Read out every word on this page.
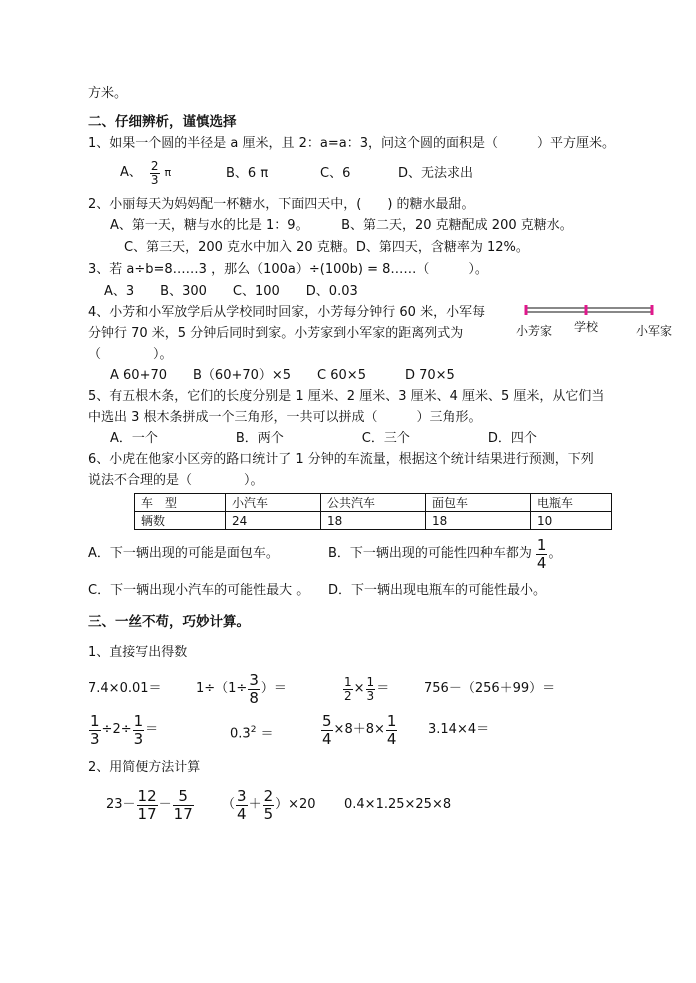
方米。
二、仔细辨析，谨慎选择
1、如果一个圆的半径是 a 厘米，且 2：a=a：3，问这个圆的面积是（　　　）平方厘米。
A、 $\frac{2}{3}$ π	B、6 π	C、6	D、无法求出
2、小丽每天为妈妈配一杯糖水，下面四天中，(　　) 的糖水最甜。
A、第一天，糖与水的比是 1：9。　　　B、第二天，20 克糖配成 200 克糖水。
C、第三天，200 克水中加入 20 克糖。D、第四天，含糖率为 12%。
3、若 a÷b=8……3 ，那么（100a）÷(100b) = 8……（　　　）。
A、3　　B、300　　C、100　　D、0.03
4、小芳和小军放学后从学校同时回家，小芳每分钟行 60 米，小军每
分钟行 70 米，5 分钟后同时到家。小芳家到小军家的距离列式为
（　　　　）。
A 60+70　　B（60+70）×5　　C 60×5　　　D 70×5
小芳家 学校	小军家
5、有五根木条，它们的长度分别是 1 厘米、2 厘米、3 厘米、4 厘米、5 厘米，从它们当
中选出 3 根木条拼成一个三角形，一共可以拼成（　　　）三角形。
A．一个　　　　　　B．两个　　　　　　C．三个　　　　　　D．四个
6、小虎在他家小区旁的路口统计了 1 分钟的车流量，根据这个统计结果进行预测，下列
说法不合理的是（　　　　）。
车　型	小汽车	公共汽车	面包车	电瓶车
辆数	24	18	18	10
A．下一辆出现的可能是面包车。	B．下一辆出现的可能性四种车都为 $\frac{1}{4}$ 。
C．下一辆出现小汽车的可能性最大 。 D．下一辆出现电瓶车的可能性最小。
三、一丝不苟，巧妙计算。
1、直接写出得数
7.4×0.01＝	$1\div(1\div \frac{3}{8}$ ）＝	$\frac{1}{2} \times \frac{1}{3}$ ＝	756－（256＋99）＝
$\frac{1}{3} \div 2\div \frac{1}{3}$ ＝	$0.3^2$ ＝	$\frac{5}{4} \times 8+8\times \frac{1}{4} 3.14\times 4=$
2、用简便方法计算
$23- \frac{12}{17} - \frac{5}{17}$ （ $\frac{3}{4} + \frac{2}{5} )\times 20$ 0.4×1.25×25×8
